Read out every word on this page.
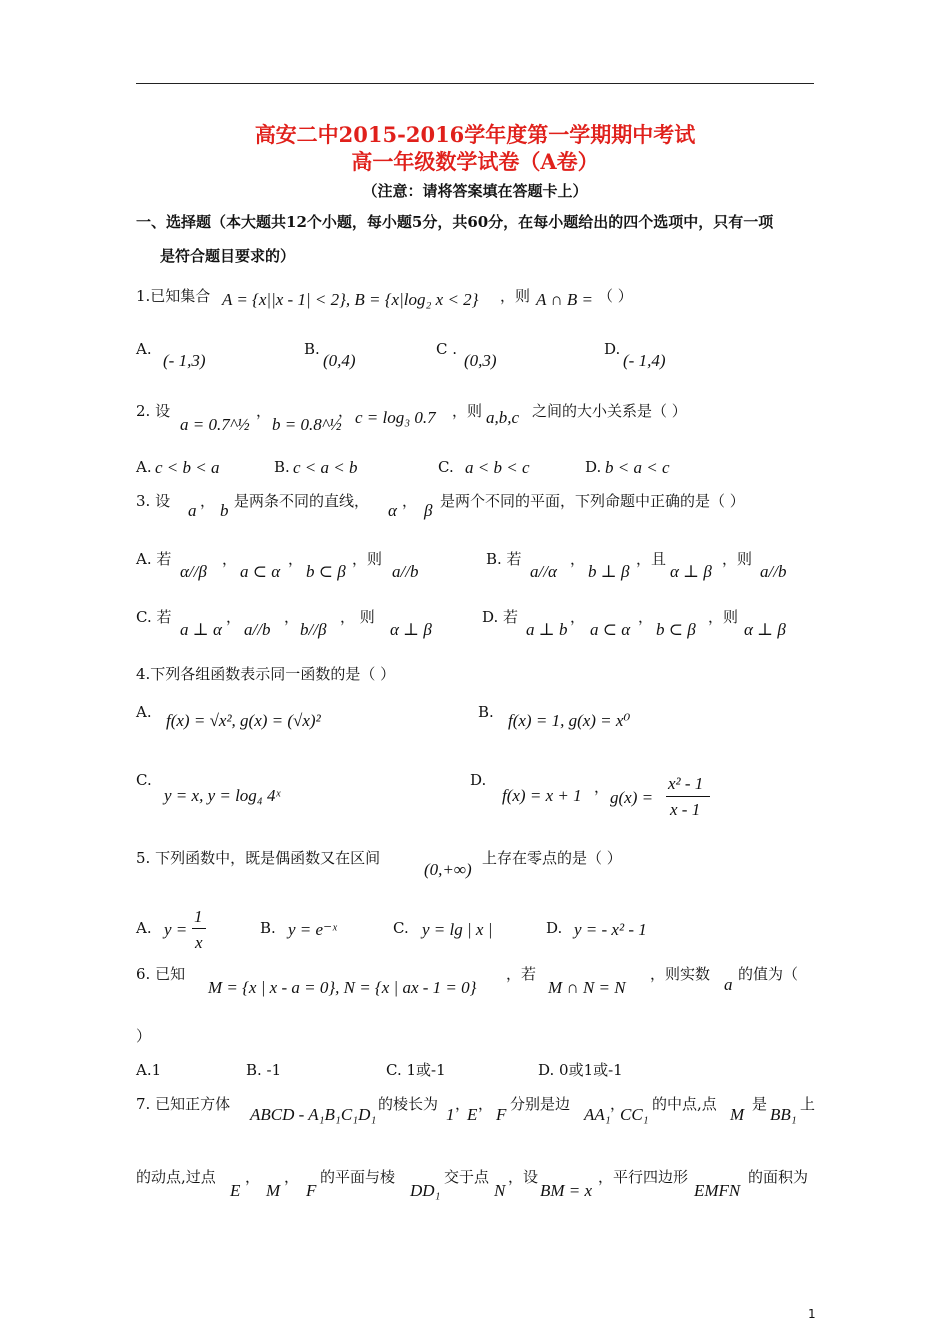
高安二中2015-2016学年度第一学期期中考试
高一年级数学试卷（A卷）
（注意：请将答案填在答题卡上）
一、选择题（本大题共12个小题，每小题5分，共60分，在每小题给出的四个选项中，只有一项
是符合题目要求的）
1.已知集合 A = {x||x - 1| < 2}, B = {x|log₂ x < 2} ，则 A ∩ B = （ ）
A.
(- 1,3)
B.
(0,4)
C .
(0,3)
D.
(- 1,4)
2. 设
a = 0.7^½
，
b = 0.8^½
， c = log₃ 0.7 ，则 a,b,c 之间的大小关系是（ ）
A. c < b < a	B. c < a < b	C. a < b < c	D. b < a < c
3. 设 a ， b 是两条不同的直线， α ， β 是两个不同的平面，下列命题中正确的是（ ）
A. 若
α//β
，
a ⊂ α
，
b ⊂ β
，则
a//b
B. 若
a//α
，
b ⊥ β
，且
α ⊥ β
，则
a//b
C. 若
a ⊥ α
，
a//b
，
b//β
， 则
α ⊥ β
D. 若
a ⊥ b
，
a ⊂ α
，
b ⊂ β
，则
α ⊥ β
4.下列各组函数表示同一函数的是（ ）
A. f(x) = √x², g(x) = (√x)²	B. f(x) = 1, g(x) = x⁰
C.
y = x, y = log₄ 4ˣ
D.
f(x) = x + 1 ，
g(x) =
x² - 1
x - 1
5. 下列函数中，既是偶函数又在区间
(0,+∞)
上存在零点的是（ ）
A. y =
1
x
B. y = e⁻ˣ	C. y = lg | x |	D. y = - x² - 1
6. 已知
M = {x | x - a = 0}, N = {x | ax - 1 = 0}
，若
M ∩ N = N
，则实数
a
的值为（
）
A.1	B. -1	C. 1或-1	D. 0或1或-1
7. 已知正方体
ABCD - A₁B₁C₁D₁
的棱长为
1
，
E
，
F
分别是边
AA₁
，
CC₁
的中点,点
M
是
BB₁
上
的动点,过点
E
，
M
，
F
的平面与棱
DD₁
交于点
N
，设
BM = x
，平行四边形
EMFN
的面积为
1
